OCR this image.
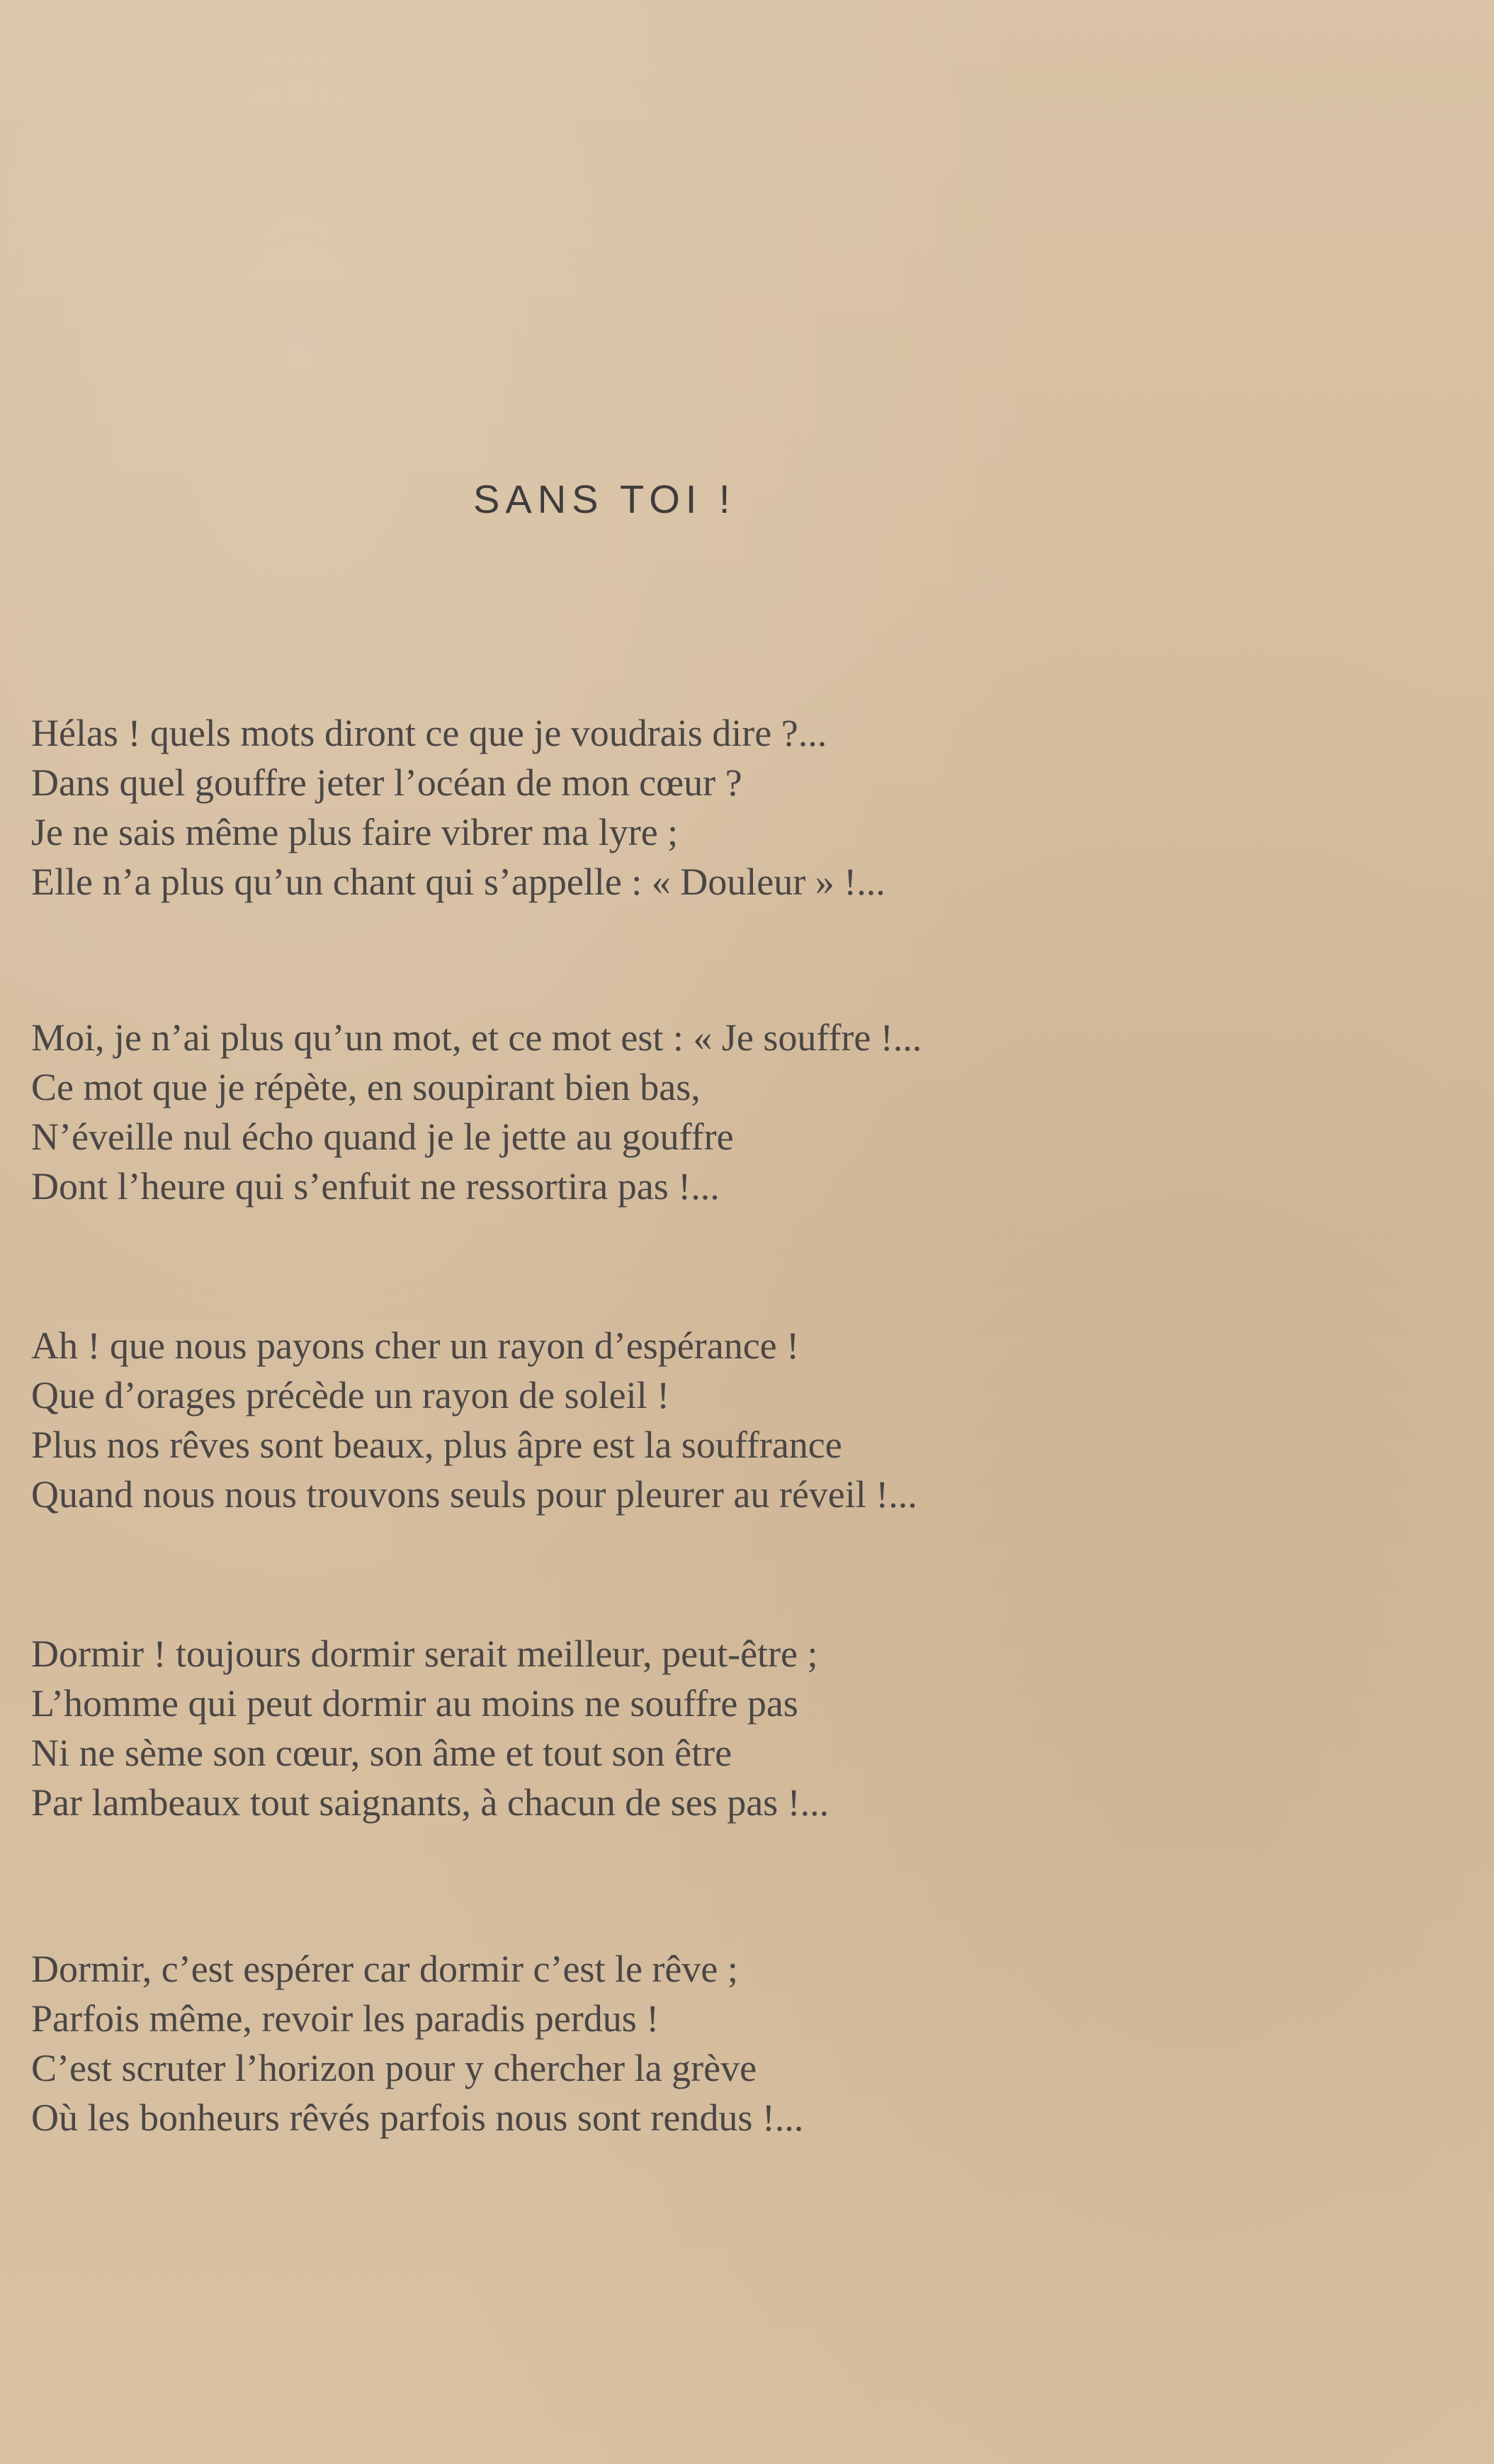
SANS TOI !
Hélas ! quels mots diront ce que je voudrais dire ?...
Dans quel gouffre jeter l’océan de mon cœur ?
Je ne sais même plus faire vibrer ma lyre ;
Elle n’a plus qu’un chant qui s’appelle : « Douleur » !...
Moi, je n’ai plus qu’un mot, et ce mot est : « Je souffre !...
Ce mot que je répète, en soupirant bien bas,
N’éveille nul écho quand je le jette au gouffre
Dont l’heure qui s’enfuit ne ressortira pas !...
Ah ! que nous payons cher un rayon d’espérance !
Que d’orages précède un rayon de soleil !
Plus nos rêves sont beaux, plus âpre est la souffrance
Quand nous nous trouvons seuls pour pleurer au réveil !...
Dormir ! toujours dormir serait meilleur, peut-être ;
L’homme qui peut dormir au moins ne souffre pas
Ni ne sème son cœur, son âme et tout son être
Par lambeaux tout saignants, à chacun de ses pas !...
Dormir, c’est espérer car dormir c’est le rêve ;
Parfois même, revoir les paradis perdus !
C’est scruter l’horizon pour y chercher la grève
Où les bonheurs rêvés parfois nous sont rendus !...
